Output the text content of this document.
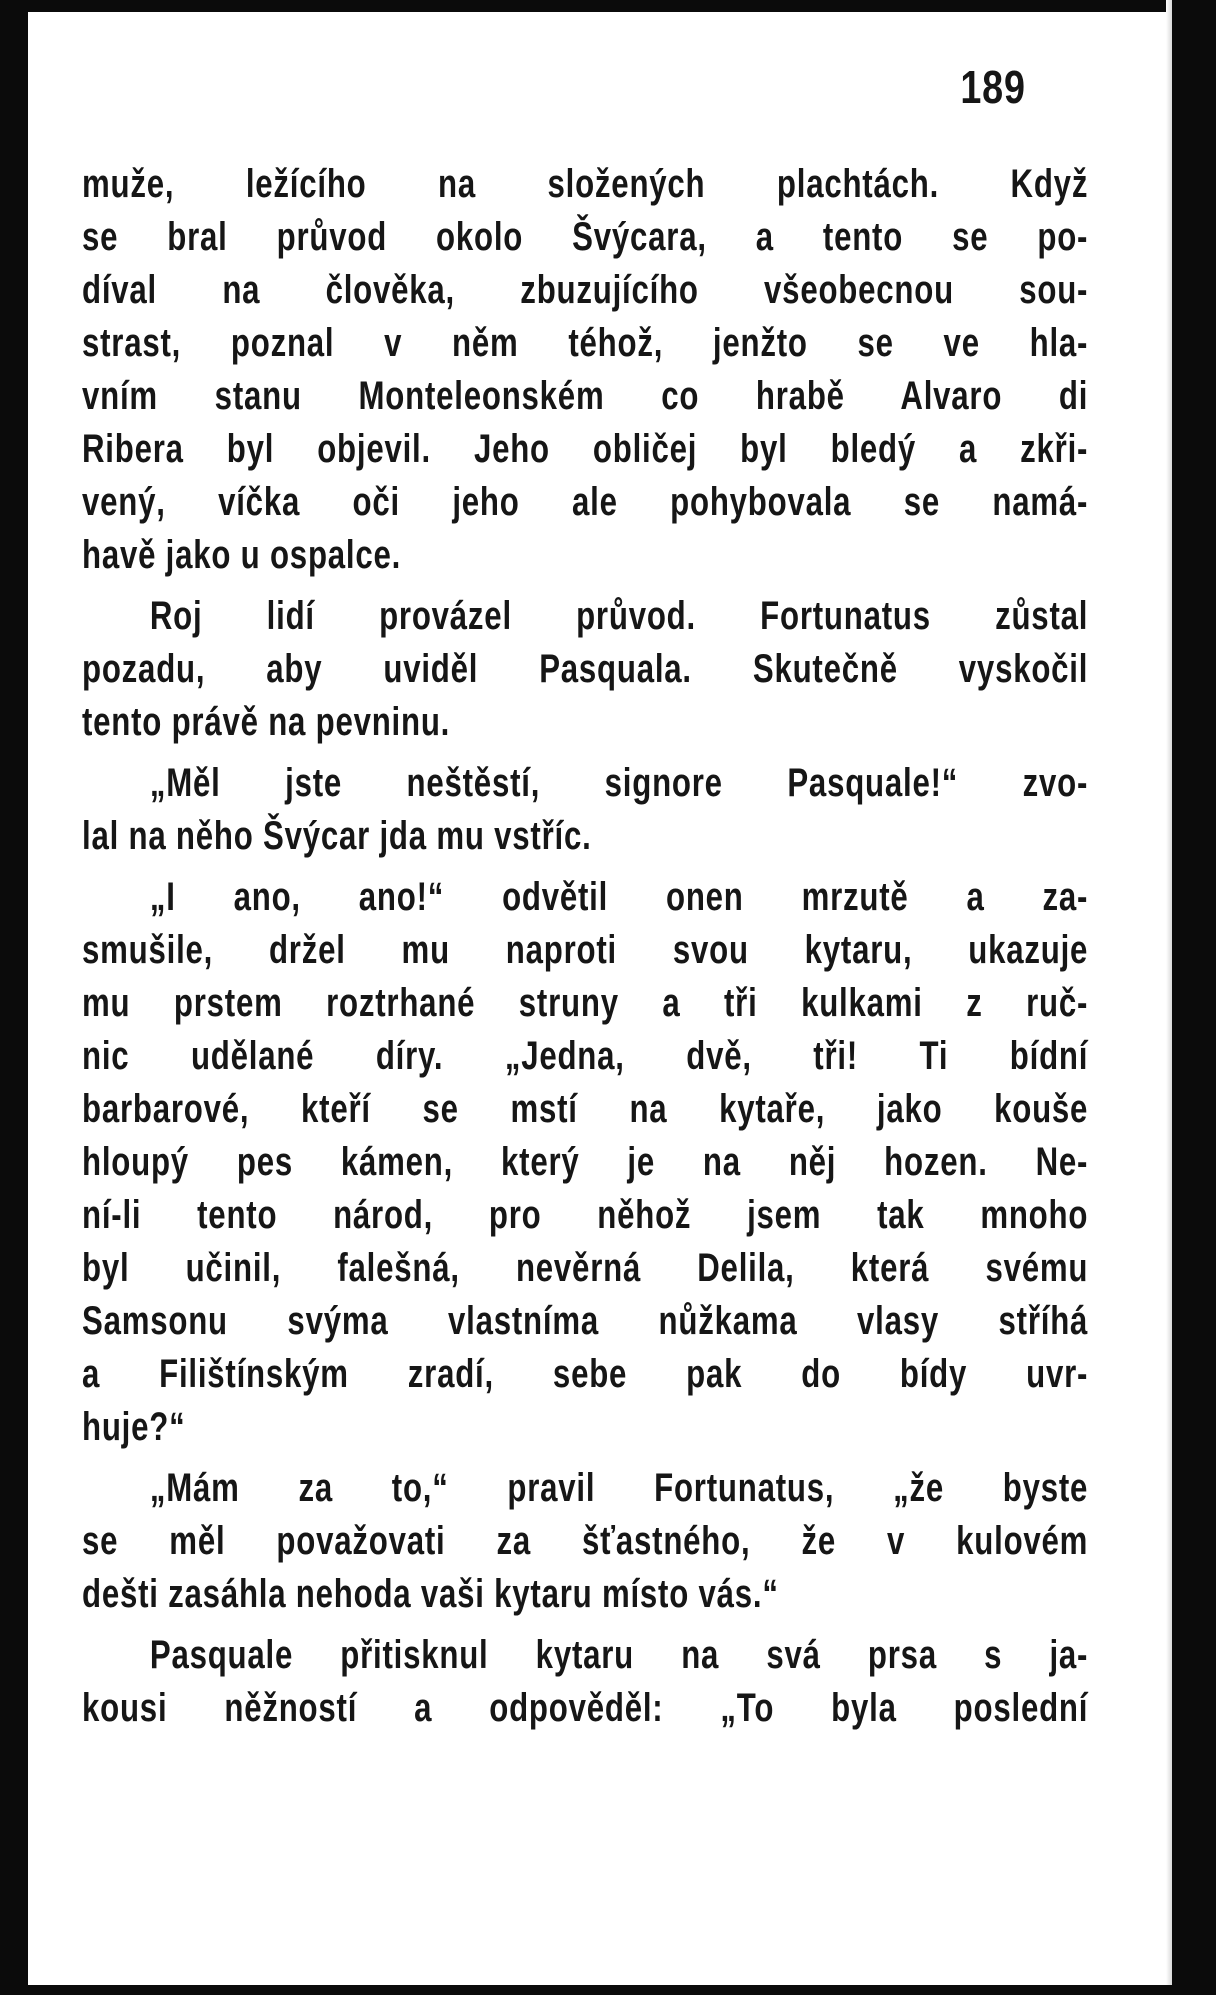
189
muže, ležícího na složených plachtách. Když
se bral průvod okolo Švýcara, a tento se po-
díval na člověka, zbuzujícího všeobecnou sou-
strast, poznal v něm téhož, jenžto se ve hla-
vním stanu Monteleonském co hrabě Alvaro di
Ribera byl objevil. Jeho obličej byl bledý a zkři-
vený, víčka oči jeho ale pohybovala se namá-
havě jako u ospalce.
Roj lidí provázel průvod. Fortunatus zůstal
pozadu, aby uviděl Pasquala. Skutečně vyskočil
tento právě na pevninu.
„Měl jste neštěstí, signore Pasquale!“ zvo-
lal na něho Švýcar jda mu vstříc.
„I ano, ano!“ odvětil onen mrzutě a za-
smušile, držel mu naproti svou kytaru, ukazuje
mu prstem roztrhané struny a tři kulkami z ruč-
nic udělané díry. „Jedna, dvě, tři! Ti bídní
barbarové, kteří se mstí na kytaře, jako kouše
hloupý pes kámen, který je na něj hozen. Ne-
ní-li tento národ, pro něhož jsem tak mnoho
byl učinil, falešná, nevěrná Delila, která svému
Samsonu svýma vlastníma nůžkama vlasy stříhá
a Filištínským zradí, sebe pak do bídy uvr-
huje?“
„Mám za to,“ pravil Fortunatus, „že byste
se měl považovati za šťastného, že v kulovém
dešti zasáhla nehoda vaši kytaru místo vás.“
Pasquale přitisknul kytaru na svá prsa s ja-
kousi něžností a odpověděl: „To byla poslední
